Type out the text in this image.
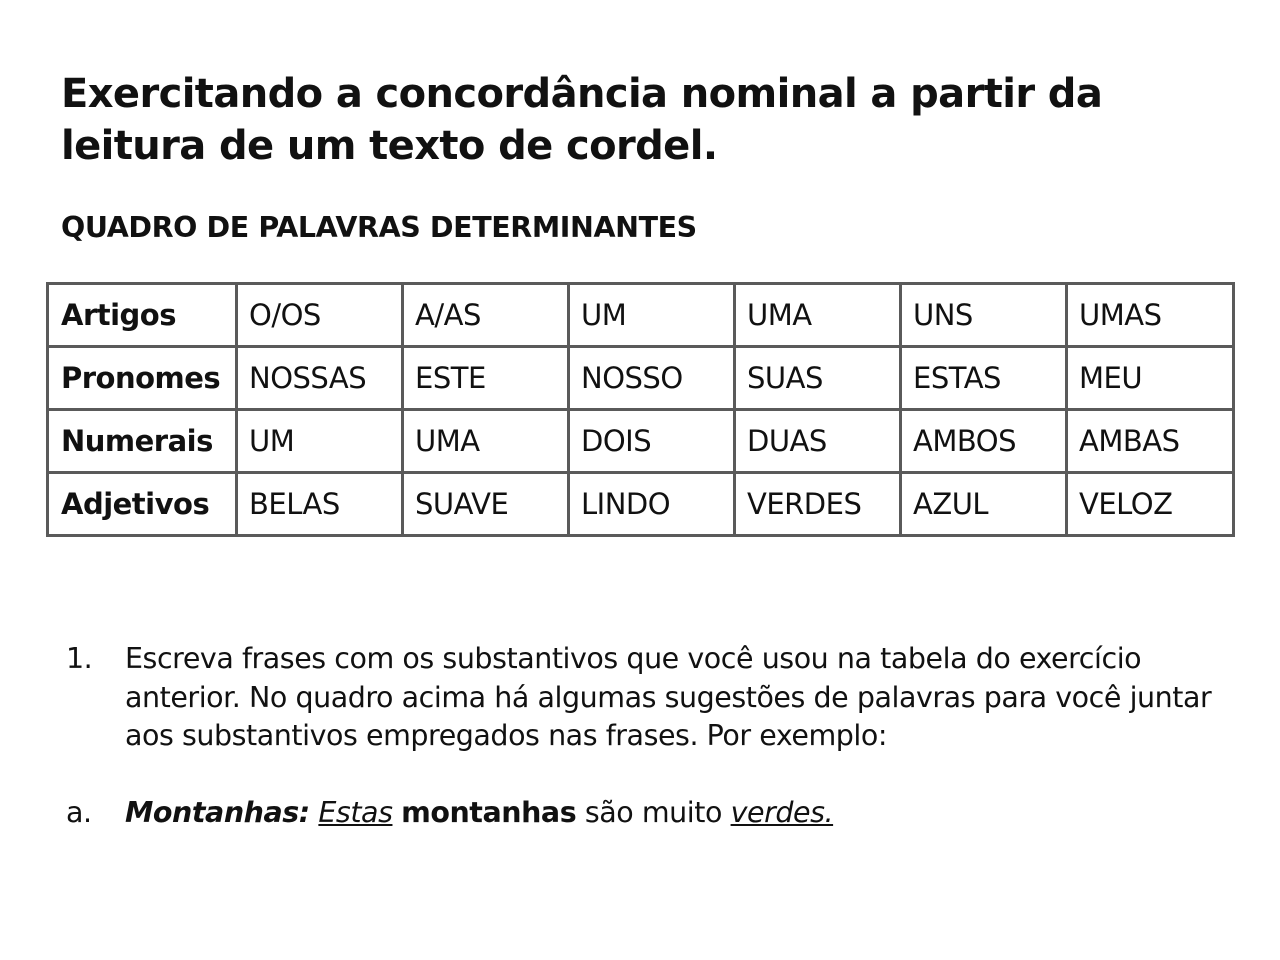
Exercitando a concordância nominal a partir da leitura de um texto de cordel.
QUADRO DE PALAVRAS DETERMINANTES
Artigos	O/OS	A/AS	UM	UMA	UNS	UMAS
Pronomes	NOSSAS	ESTE	NOSSO	SUAS	ESTAS	MEU
Numerais	UM	UMA	DOIS	DUAS	AMBOS	AMBAS
Adjetivos	BELAS	SUAVE	LINDO	VERDES	AZUL	VELOZ
1.	Escreva frases com os substantivos que você usou na tabela do exercício anterior. No quadro acima há algumas sugestões de palavras para você juntar aos substantivos empregados nas frases. Por exemplo:
a.	Montanhas: Estas montanhas são muito verdes.
